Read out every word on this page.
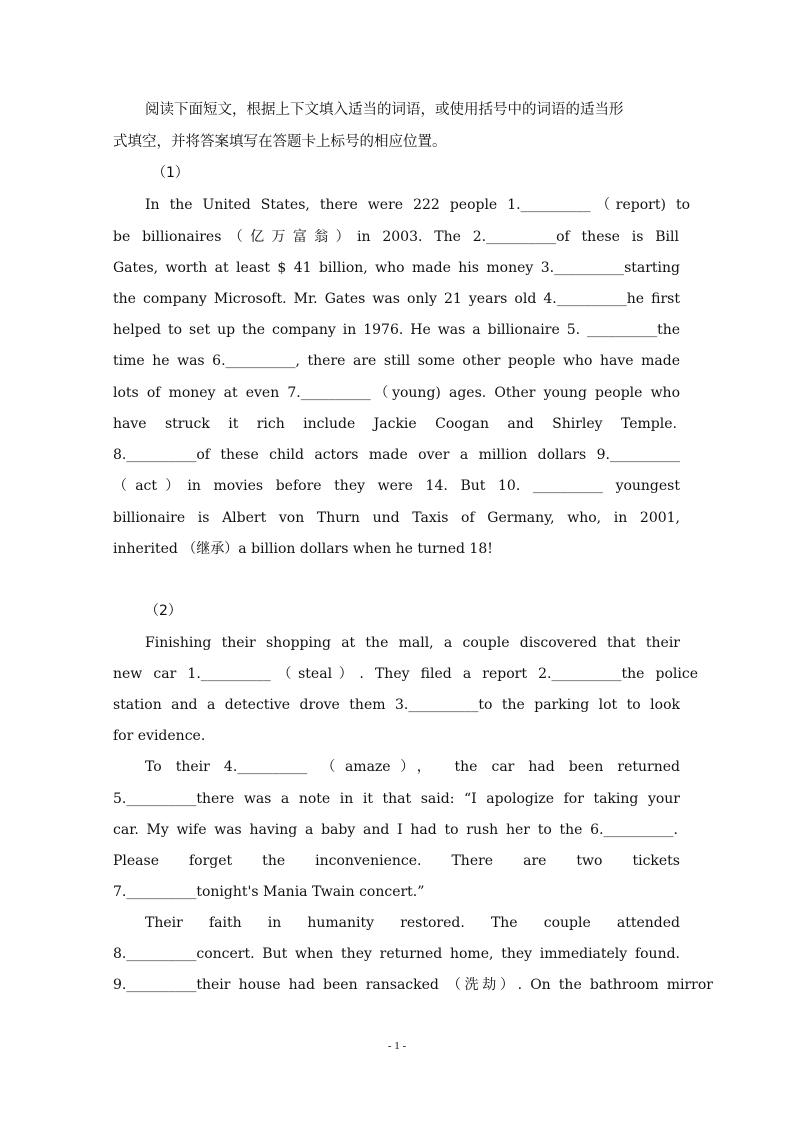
阅读下面短文，根据上下文填入适当的词语，或使用括号中的词语的适当形
式填空，并将答案填写在答题卡上标号的相应位置。
（1）
In the United States, there were 222 people 1.__________（report) to
be billionaires（亿万富翁）in 2003. The 2.__________of these is Bill
Gates, worth at least $ 41 billion, who made his money 3.__________starting
the company Microsoft. Mr. Gates was only 21 years old 4.__________he first
helped to set up the company in 1976. He was a billionaire 5. __________the
time he was 6.__________, there are still some other people who have made
lots of money at even 7.__________（young) ages. Other young people who
have struck it rich include Jackie Coogan and Shirley Temple.
8.__________of these child actors made over a million dollars 9.__________
（act）in movies before they were 14. But 10. __________ youngest
billionaire is Albert von Thurn und Taxis of Germany, who, in 2001,
inherited （继承）a billion dollars when he turned 18!
（2）
Finishing their shopping at the mall, a couple discovered that their
new car 1.__________（steal）. They filed a report 2.__________the police
station and a detective drove them 3.__________to the parking lot to look
for evidence.
To their 4.__________ （amaze）， the car had been returned
5.__________there was a note in it that said: “I apologize for taking your
car. My wife was having a baby and I had to rush her to the 6.__________.
Please forget the inconvenience. There are two tickets
7.__________tonight's Mania Twain concert.”
Their faith in humanity restored. The couple attended
8.__________concert. But when they returned home, they immediately found.
9.__________their house had been ransacked （洗劫）. On the bathroom mirror
- 1 -
